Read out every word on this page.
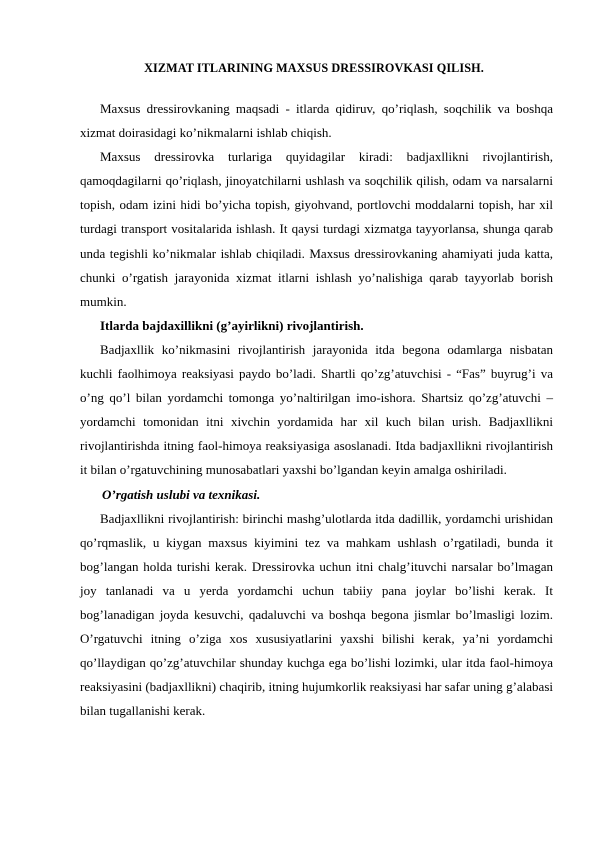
XIZMAT ITLARINING MAXSUS DRESSIROVKASI QILISH.

Maxsus dressirovkaning maqsadi - itlarda qidiruv, qo’riqlash, soqchilik va boshqa xizmat doirasidagi ko’nikmalarni ishlab chiqish.

Maxsus dressirovka turlariga quyidagilar kiradi: badjaxllikni rivojlantirish, qamoqdagilarni qo’riqlash, jinoyatchilarni ushlash va soqchilik qilish, odam va narsalarni topish, odam izini hidi bo’yicha topish, giyohvand, portlovchi moddalarni topish, har xil turdagi transport vositalarida ishlash. It qaysi turdagi xizmatga tayyorlansa, shunga qarab unda tegishli ko’nikmalar ishlab chiqiladi. Maxsus dressirovkaning ahamiyati juda katta, chunki o’rgatish jarayonida xizmat itlarni ishlash yo’nalishiga qarab tayyorlab borish mumkin.

Itlarda bajdaxillikni (g’ayirlikni) rivojlantirish.

Badjaxllik ko’nikmasini rivojlantirish jarayonida itda begona odamlarga nisbatan kuchli faolhimoya reaksiyasi paydo bo’ladi. Shartli qo’zg’atuvchisi - “Fas” buyrug’i va o’ng qo’l bilan yordamchi tomonga yo’naltirilgan imo-ishora. Shartsiz qo’zg’atuvchi – yordamchi tomonidan itni xivchin yordamida har xil kuch bilan urish. Badjaxllikni rivojlantirishda itning faol-himoya reaksiyasiga asoslanadi. Itda badjaxllikni rivojlantirish it bilan o’rgatuvchining munosabatlari yaxshi bo’lgandan keyin amalga oshiriladi.

O’rgatish uslubi va texnikasi.

Badjaxllikni rivojlantirish: birinchi mashg’ulotlarda itda dadillik, yordamchi urishidan qo’rqmaslik, u kiygan maxsus kiyimini tez va mahkam ushlash o’rgatiladi, bunda it bog’langan holda turishi kerak. Dressirovka uchun itni chalg’ituvchi narsalar bo’lmagan joy tanlanadi va u yerda yordamchi uchun tabiiy pana joylar bo’lishi kerak. It bog’lanadigan joyda kesuvchi, qadaluvchi va boshqa begona jismlar bo’lmasligi lozim. O’rgatuvchi itning o’ziga xos xususiyatlarini yaxshi bilishi kerak, ya’ni yordamchi qo’llaydigan qo’zg’atuvchilar shunday kuchga ega bo’lishi lozimki, ular itda faol-himoya reaksiyasini (badjaxllikni) chaqirib, itning hujumkorlik reaksiyasi har safar uning g’alabasi bilan tugallanishi kerak.
